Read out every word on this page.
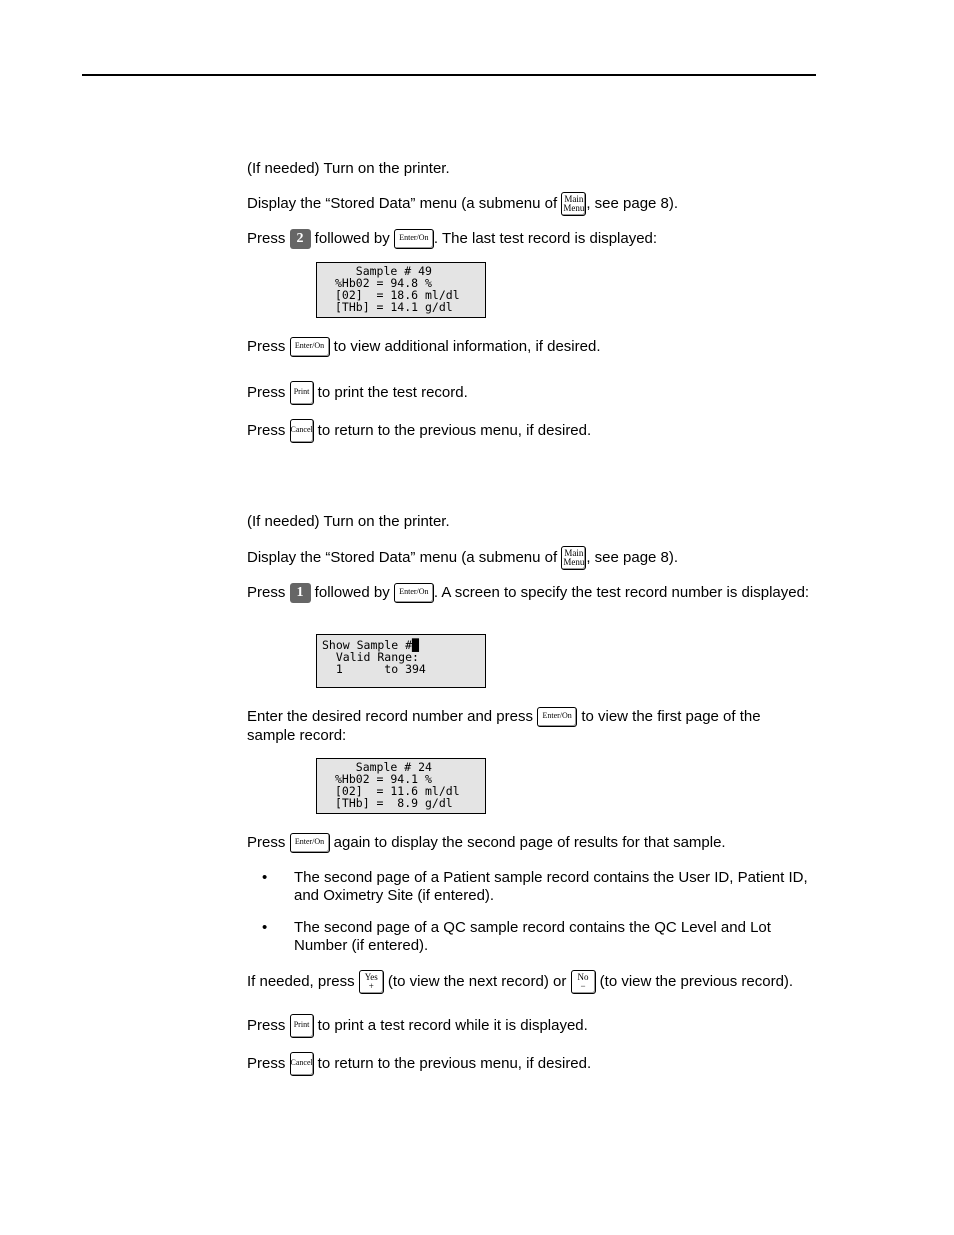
(If needed) Turn on the printer.
Display the “Stored Data” menu (a submenu of Main
Menu , see page 8).
Press 2 followed by Enter/On . The last test record is displayed:
Sample # 49
%Hb02 = 94.8 %
[02]  = 18.6 ml/dl
[THb] = 14.1 g/dl
Press Enter/On to view additional information, if desired.
Press Print to print the test record.
Press Cancel to return to the previous menu, if desired.
(If needed) Turn on the printer.
Display the “Stored Data” menu (a submenu of Main
Menu , see page 8).
Press 1 followed by Enter/On . A screen to specify the test record number is displayed:
Show Sample #█
Valid Range:
1      to 394
Enter the desired record number and press Enter/On to view the first page of the sample record:
Sample # 24
%Hb02 = 94.1 %
[02]  = 11.6 ml/dl
[THb] =  8.9 g/dl
Press Enter/On again to display the second page of results for that sample.
• The second page of a Patient sample record contains the User ID, Patient ID, and Oximetry Site (if entered).
• The second page of a QC sample record contains the QC Level and Lot Number (if entered).
If needed, press Yes
+ (to view the next record) or No
− (to view the previous record).
Press Print to print a test record while it is displayed.
Press Cancel to return to the previous menu, if desired.
